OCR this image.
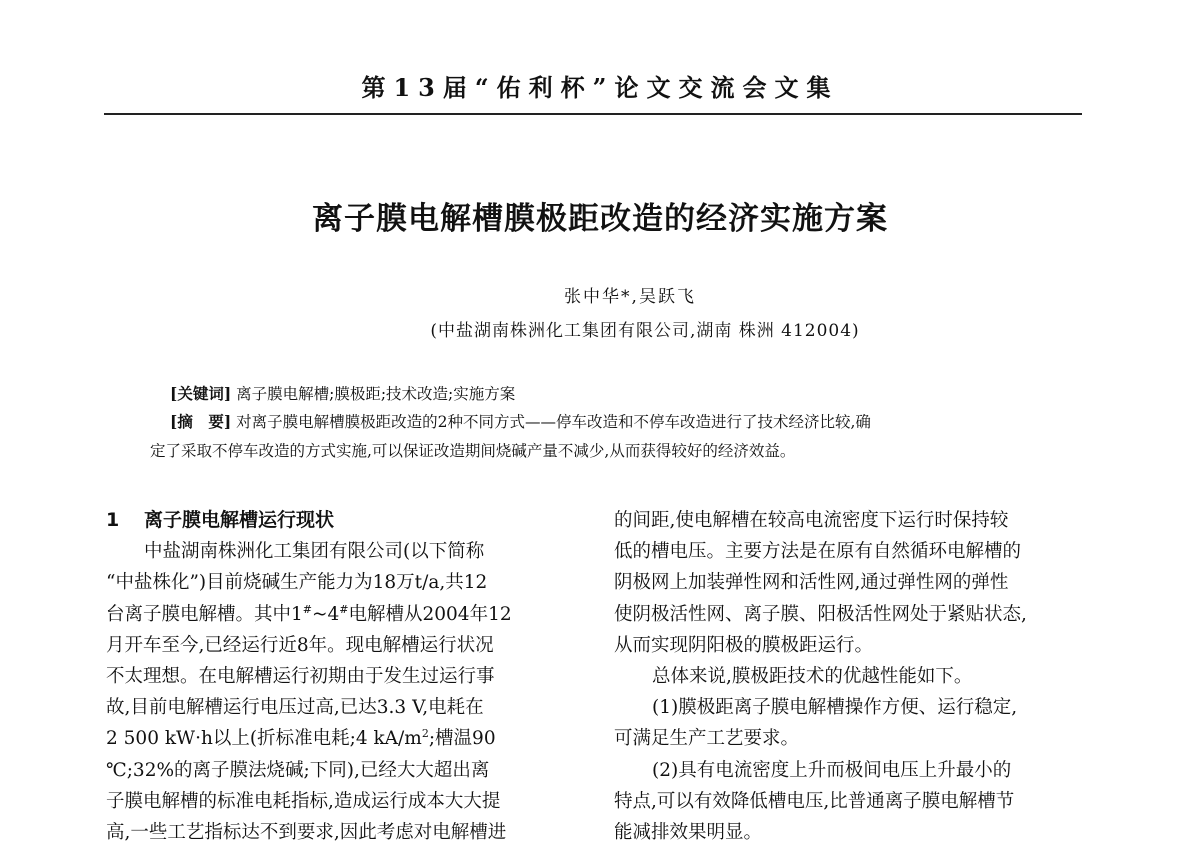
第13届“佑利杯”论文交流会文集
离子膜电解槽膜极距改造的经济实施方案
张中华*,吴跃飞
(中盐湖南株洲化工集团有限公司,湖南 株洲 412004)
[关键词] 离子膜电解槽;膜极距;技术改造;实施方案
[摘　要] 对离子膜电解槽膜极距改造的2种不同方式——停车改造和不停车改造进行了技术经济比较,确
定了采取不停车改造的方式实施,可以保证改造期间烧碱产量不减少,从而获得较好的经济效益。
1 离子膜电解槽运行现状
中盐湖南株洲化工集团有限公司(以下简称
“中盐株化”)目前烧碱生产能力为18万t/a,共12
台离子膜电解槽。其中1#~4#电解槽从2004年12
月开车至今,已经运行近8年。现电解槽运行状况
不太理想。在电解槽运行初期由于发生过运行事
故,目前电解槽运行电压过高,已达3.3 V,电耗在
2 500 kW·h以上(折标准电耗;4 $kA/m^2$;槽温90
℃;32%的离子膜法烧碱;下同),已经大大超出离
子膜电解槽的标准电耗指标,造成运行成本大大提
高,一些工艺指标达不到要求,因此考虑对电解槽进
的间距,使电解槽在较高电流密度下运行时保持较
低的槽电压。主要方法是在原有自然循环电解槽的
阴极网上加装弹性网和活性网,通过弹性网的弹性
使阴极活性网、离子膜、阳极活性网处于紧贴状态,
从而实现阴阳极的膜极距运行。
总体来说,膜极距技术的优越性能如下。
(1)膜极距离子膜电解槽操作方便、运行稳定,
可满足生产工艺要求。
(2)具有电流密度上升而极间电压上升最小的
特点,可以有效降低槽电压,比普通离子膜电解槽节
能减排效果明显。
